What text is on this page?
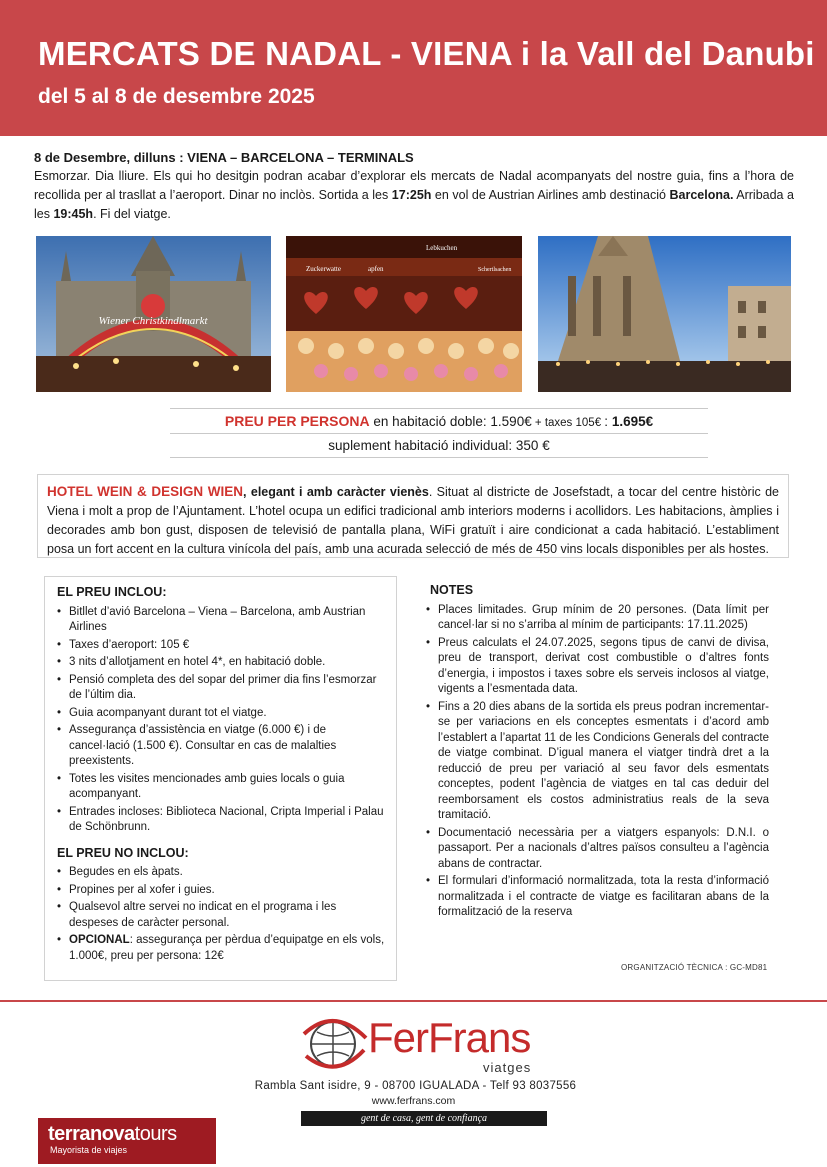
MERCATS DE NADAL - VIENA i la Vall del Danubi
del 5 al 8 de desembre 2025
8 de Desembre, dilluns : VIENA – BARCELONA – TERMINALS
Esmorzar. Dia lliure. Els qui ho desitgin podran acabar d’explorar els mercats de Nadal acompanyats del nostre guia, fins a l’hora de recollida per al trasllat a l’aeroport. Dinar no inclòs. Sortida a les 17:25h en vol de Austrian Airlines amb destinació Barcelona. Arribada a les 19:45h. Fi del viatge.
Wiener Christkindlmarkt
Zuckerwatte
Lebkuchen
apfen	Schertlsachen
PREU PER PERSONA en habitació doble: 1.590€ + taxes 105€ : 1.695€
suplement habitació individual: 350 €
HOTEL WEIN & DESIGN WIEN, elegant i amb caràcter vienès. Situat al districte de Josefstadt, a tocar del centre històric de Viena i molt a prop de l’Ajuntament. L’hotel ocupa un edifici tradicional amb interiors moderns i acollidors. Les habitacions, àmplies i decorades amb bon gust, disposen de televisió de pantalla plana, WiFi gratuït i aire condicionat a cada habitació. L’establiment posa un fort accent en la cultura vinícola del país, amb una acurada selecció de més de 450 vins locals disponibles per als hostes.
EL PREU INCLOU:
• Bitllet d’avió Barcelona – Viena – Barcelona, amb Austrian Airlines
• Taxes d’aeroport: 105 €
• 3 nits d’allotjament en hotel 4*, en habitació doble.
• Pensió completa des del sopar del primer dia fins l’esmorzar de l’últim dia.
• Guia acompanyant durant tot el viatge.
• Assegurança d’assistència en viatge (6.000 €) i de cancel·lació (1.500 €). Consultar en cas de malalties preexistents.
• Totes les visites mencionades amb guies locals o guia acompanyant.
• Entrades incloses: Biblioteca Nacional, Cripta Imperial i Palau de Schönbrunn.
EL PREU NO INCLOU:
• Begudes en els àpats.
• Propines per al xofer i guies.
• Qualsevol altre servei no indicat en el programa i les despeses de caràcter personal.
• OPCIONAL: assegurança per pèrdua d’equipatge en els vols, 1.000€, preu per persona: 12€
NOTES
• Places limitades. Grup mínim de 20 persones. (Data límit per cancel·lar si no s’arriba al mínim de participants: 17.11.2025)
• Preus calculats el 24.07.2025, segons tipus de canvi de divisa, preu de transport, derivat cost combustible o d’altres fonts d’energia, i impostos i taxes sobre els serveis inclosos al viatge, vigents a l’esmentada data.
• Fins a 20 dies abans de la sortida els preus podran incrementar-se per variacions en els conceptes esmentats i d’acord amb l’establert a l’apartat 11 de les Condicions Generals del contracte de viatge combinat. D’igual manera el viatger tindrà dret a la reducció de preu per variació al seu favor dels esmentats conceptes, podent l’agència de viatges en tal cas deduir del reemborsament els costos administratius reals de la seva tramitació.
• Documentació necessària per a viatgers espanyols: D.N.I. o passaport. Per a nacionals d’altres països consulteu a l’agència abans de contractar.
• El formulari d’informació normalitzada, tota la resta d’informació normalitzada i el contracte de viatge es facilitaran abans de la formalització de la reserva
ORGANITZACIÓ TÈCNICA : GC-MD81
FerFrans
viatges
Rambla Sant isidre, 9 - 08700 IGUALADA - Telf 93 8037556
www.ferfrans.com
gent de casa, gent de confiança
terranovatours
Mayorista de viajes
